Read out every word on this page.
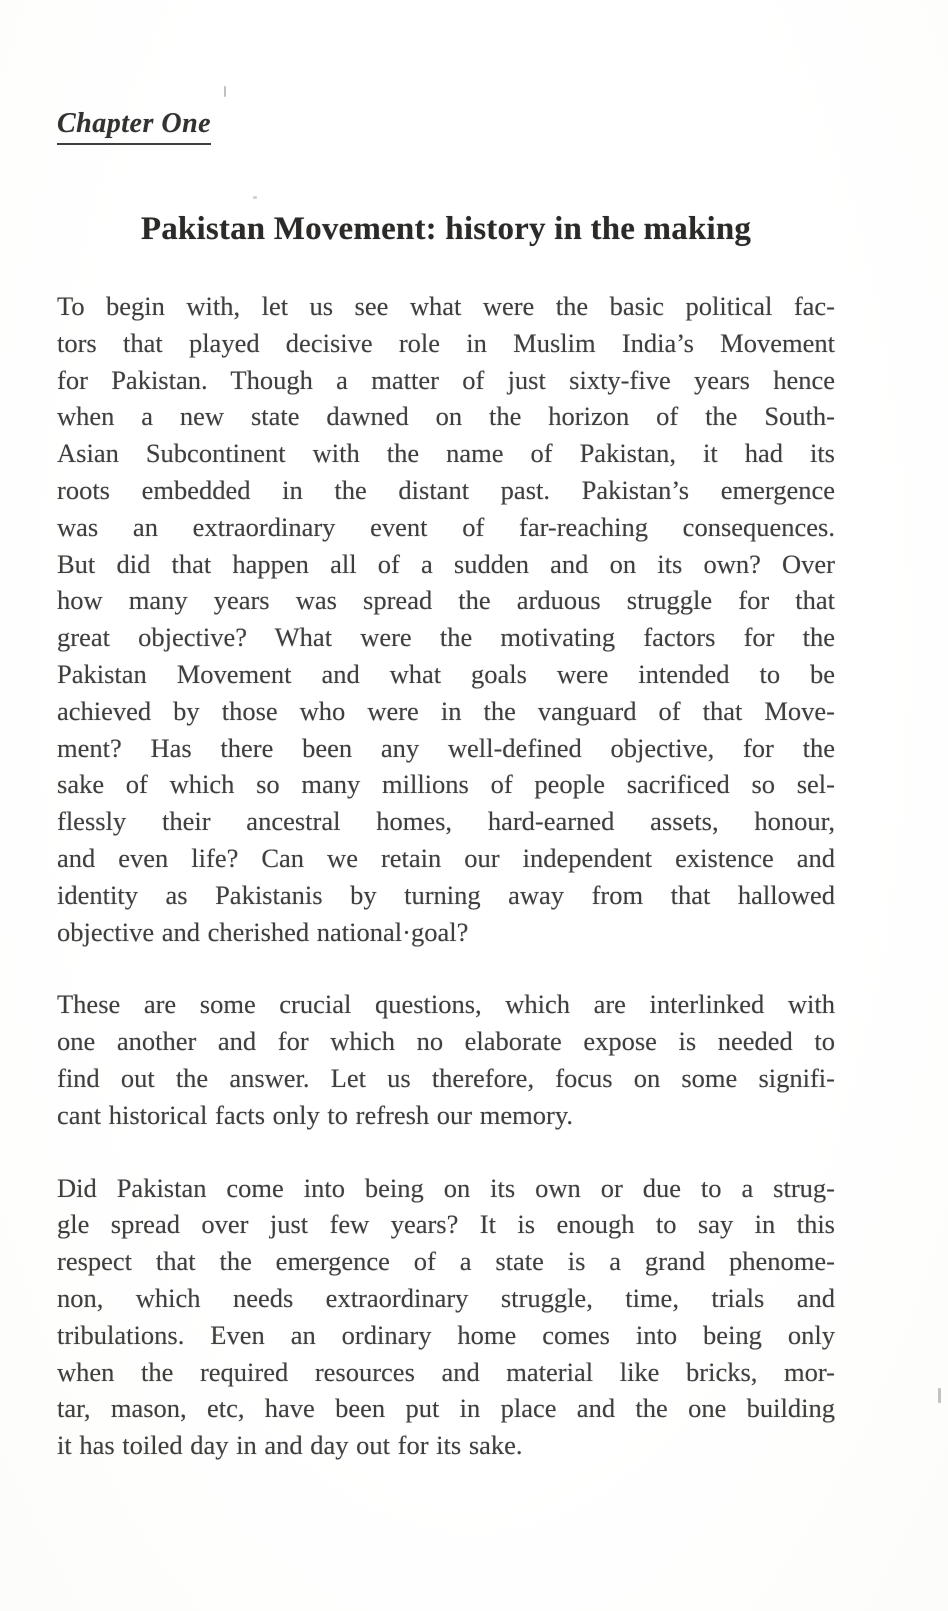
Chapter One
Pakistan Movement: history in the making
To begin with, let us see what were the basic political fac-
tors that played decisive role in Muslim India’s Movement
for Pakistan. Though a matter of just sixty-five years hence
when a new state dawned on the horizon of the South-
Asian Subcontinent with the name of Pakistan, it had its
roots embedded in the distant past. Pakistan’s emergence
was an extraordinary event of far-reaching consequences.
But did that happen all of a sudden and on its own? Over
how many years was spread the arduous struggle for that
great objective? What were the motivating factors for the
Pakistan Movement and what goals were intended to be
achieved by those who were in the vanguard of that Move-
ment? Has there been any well-defined objective, for the
sake of which so many millions of people sacrificed so sel-
flessly their ancestral homes, hard-earned assets, honour,
and even life? Can we retain our independent existence and
identity as Pakistanis by turning away from that hallowed
objective and cherished national·goal?
These are some crucial questions, which are interlinked with
one another and for which no elaborate expose is needed to
find out the answer. Let us therefore, focus on some signifi-
cant historical facts only to refresh our memory.
Did Pakistan come into being on its own or due to a strug-
gle spread over just few years? It is enough to say in this
respect that the emergence of a state is a grand phenome-
non, which needs extraordinary struggle, time, trials and
tribulations. Even an ordinary home comes into being only
when the required resources and material like bricks, mor-
tar, mason, etc, have been put in place and the one building
it has toiled day in and day out for its sake.
